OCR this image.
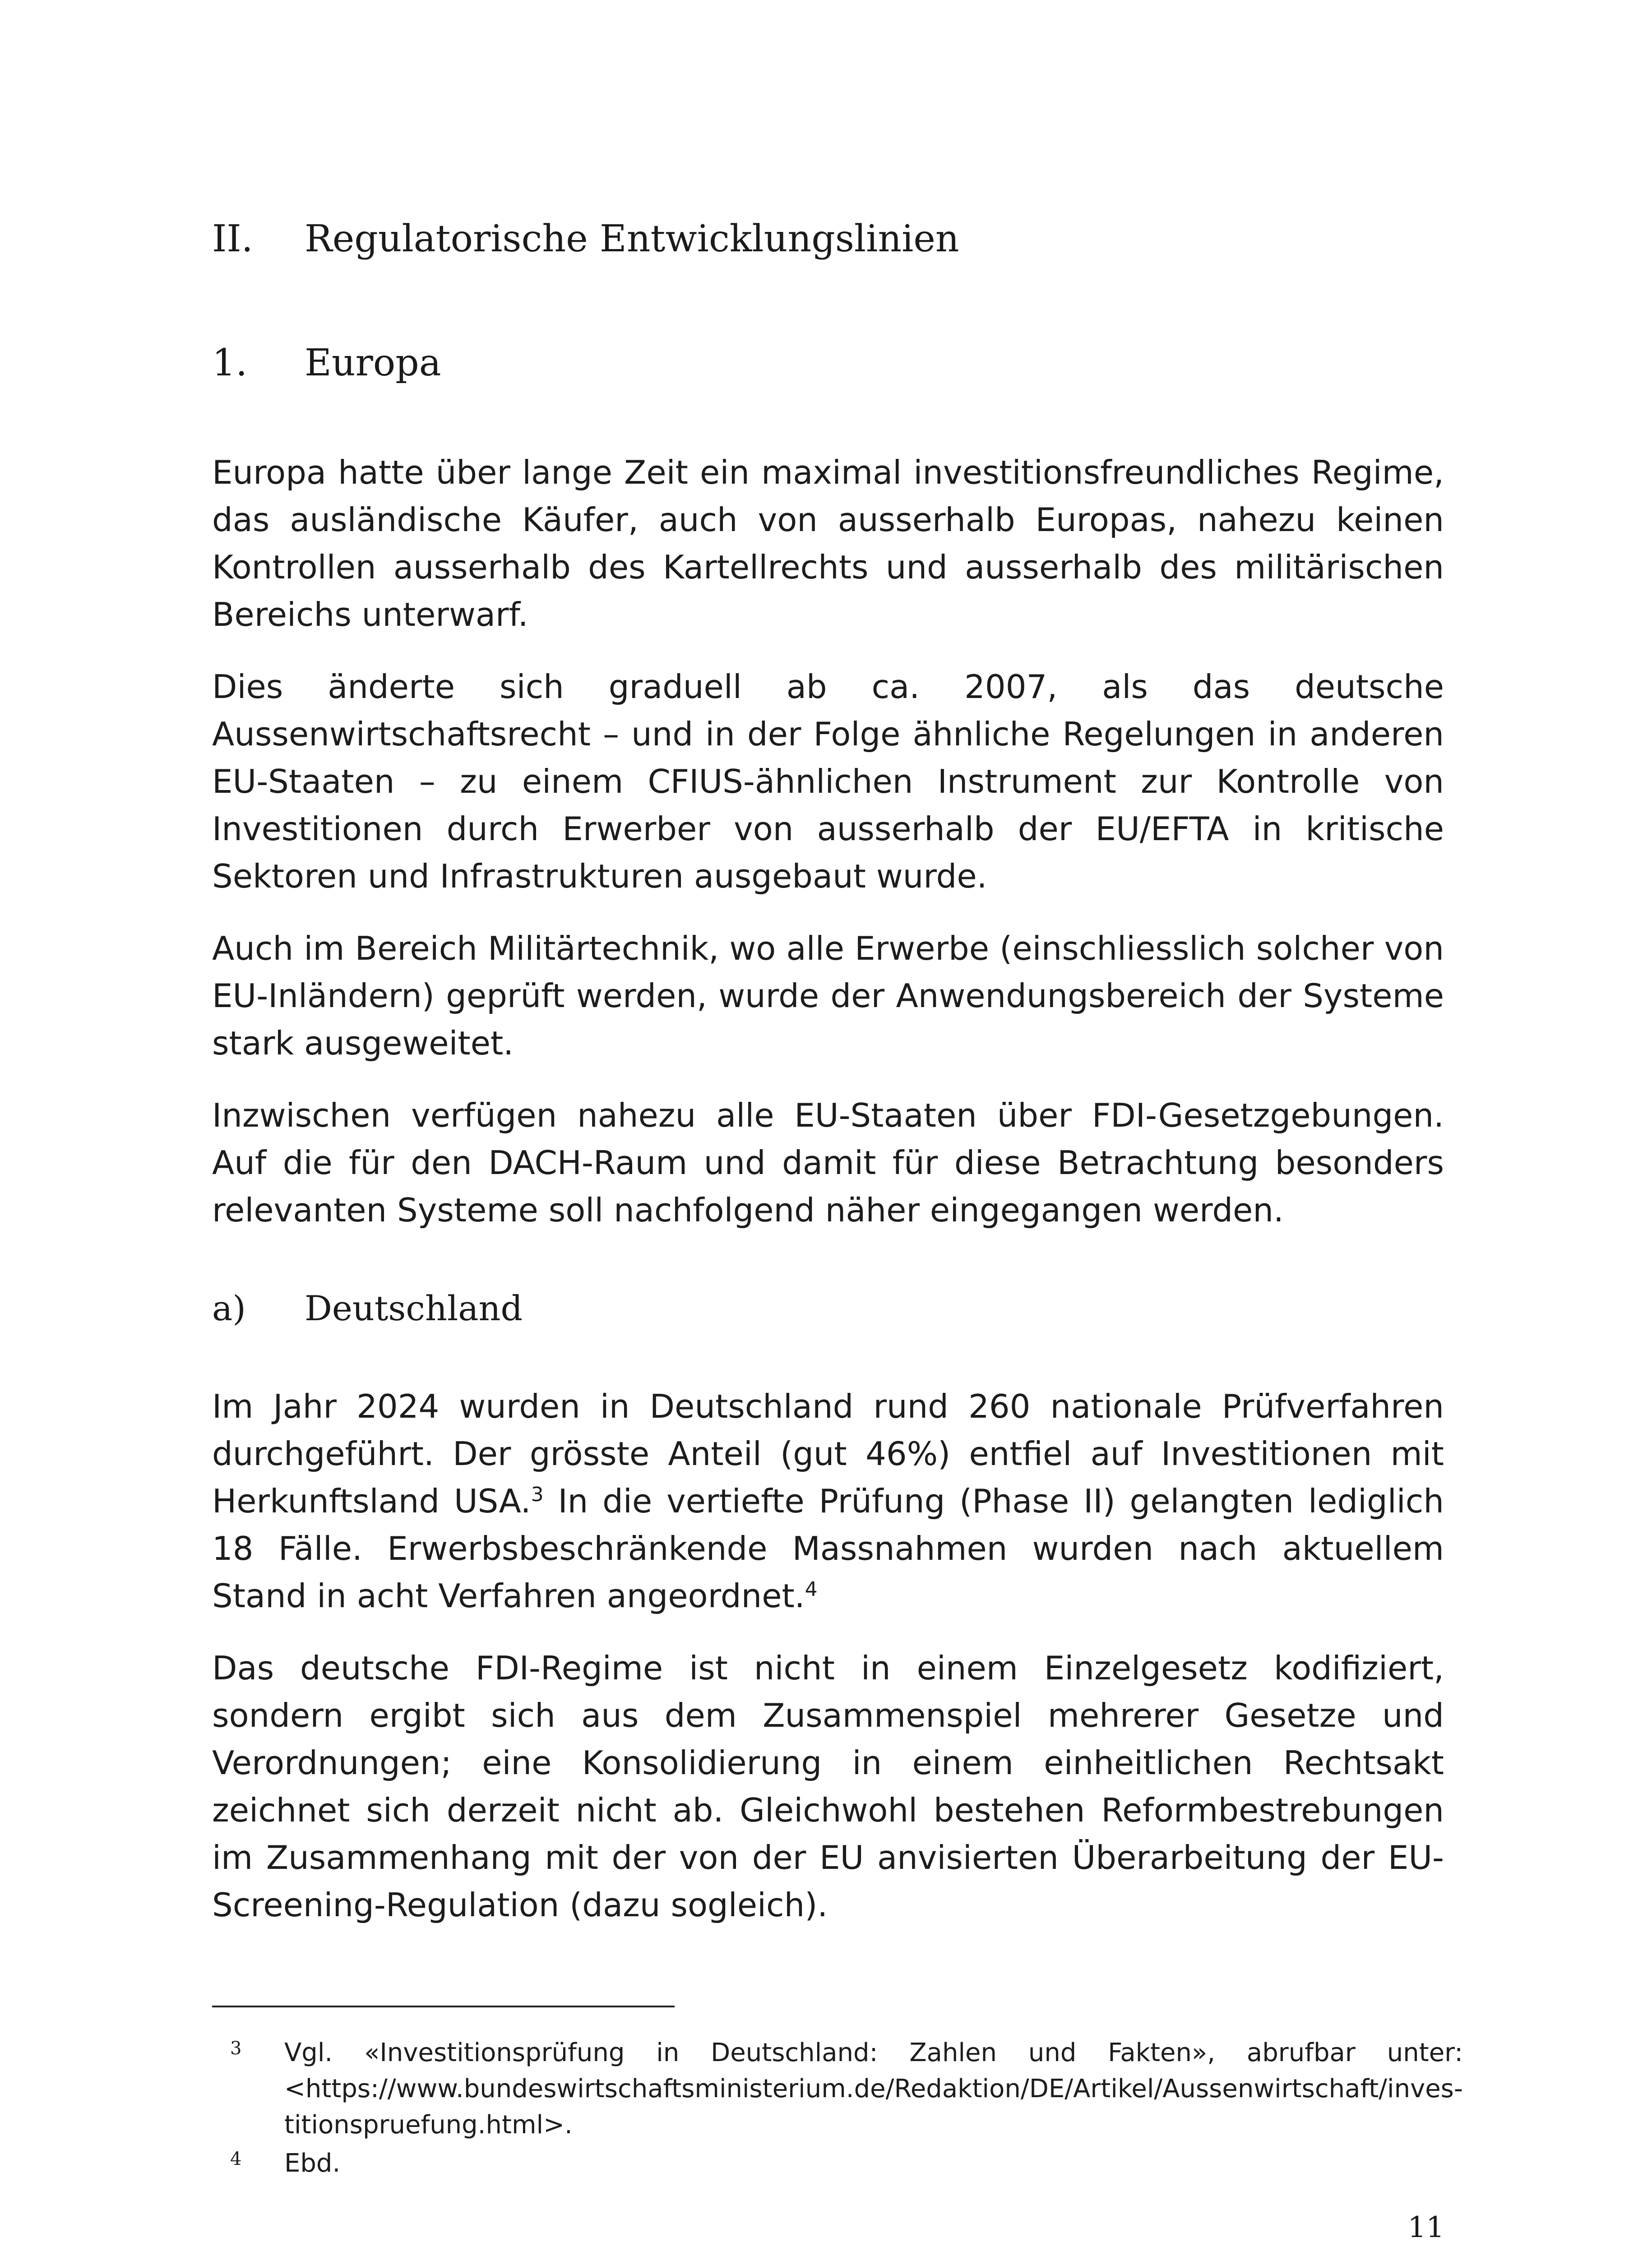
II.	Regulatorische Entwicklungslinien
1.	Europa

Europa hatte über lange Zeit ein maximal investitionsfreundliches Regime, das ausländische Käufer, auch von ausserhalb Europas, nahezu keinen Kontrollen ausserhalb des Kartellrechts und ausserhalb des militärischen Bereichs unterwarf.

Dies änderte sich graduell ab ca. 2007, als das deutsche Aussenwirtschaftsrecht – und in der Folge ähnliche Regelungen in anderen EU-Staaten – zu einem CFIUS-ähnlichen Instrument zur Kontrolle von Investitionen durch Erwerber von ausserhalb der EU/EFTA in kritische Sektoren und Infrastrukturen ausgebaut wurde.

Auch im Bereich Militärtechnik, wo alle Erwerbe (einschliesslich solcher von EU-Inländern) geprüft werden, wurde der Anwendungsbereich der Systeme stark ausgeweitet.

Inzwischen verfügen nahezu alle EU-Staaten über FDI-Gesetzgebungen. Auf die für den DACH-Raum und damit für diese Betrachtung besonders relevanten Systeme soll nachfolgend näher eingegangen werden.

a)	Deutschland

Im Jahr 2024 wurden in Deutschland rund 260 nationale Prüfverfahren durchgeführt. Der grösste Anteil (gut 46%) entfiel auf Investitionen mit Herkunftsland USA.$^3$ In die vertiefte Prüfung (Phase II) gelangten lediglich 18 Fälle. Erwerbsbeschränkende Massnahmen wurden nach aktuellem Stand in acht Verfahren angeordnet.$^4$

Das deutsche FDI-Regime ist nicht in einem Einzelgesetz kodifiziert, sondern ergibt sich aus dem Zusammenspiel mehrerer Gesetze und Verordnungen; eine Konsolidierung in einem einheitlichen Rechtsakt zeichnet sich derzeit nicht ab. Gleichwohl bestehen Reformbestrebungen im Zusammenhang mit der von der EU anvisierten Überarbeitung der EU-Screening-Regulation (dazu sogleich).

3	Vgl. «Investitionsprüfung in Deutschland: Zahlen und Fakten», abrufbar unter: <https://www.bundeswirtschaftsministerium.de/Redaktion/DE/Artikel/Aussenwirtschaft/investitionspruefung.html>.
4	Ebd.
11
